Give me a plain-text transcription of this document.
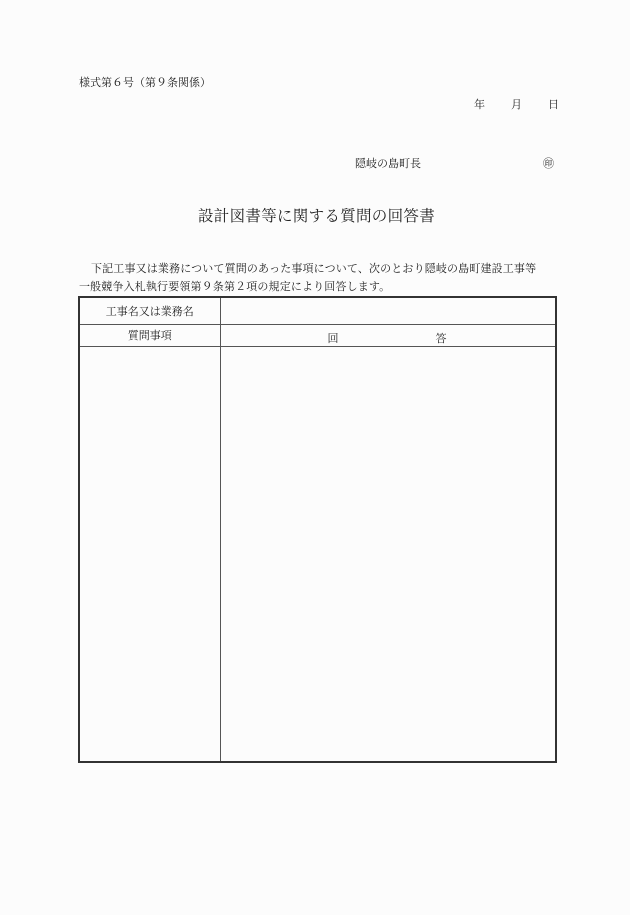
様式第６号（第９条関係）
年 月 日
隠岐の島町長	㊞
設計図書等に関する質問の回答書
下記工事又は業務について質問のあった事項について、次のとおり隠岐の島町建設工事等
一般競争入札執行要領第９条第２項の規定により回答します。
工事名又は業務名	
質問事項	回 答
